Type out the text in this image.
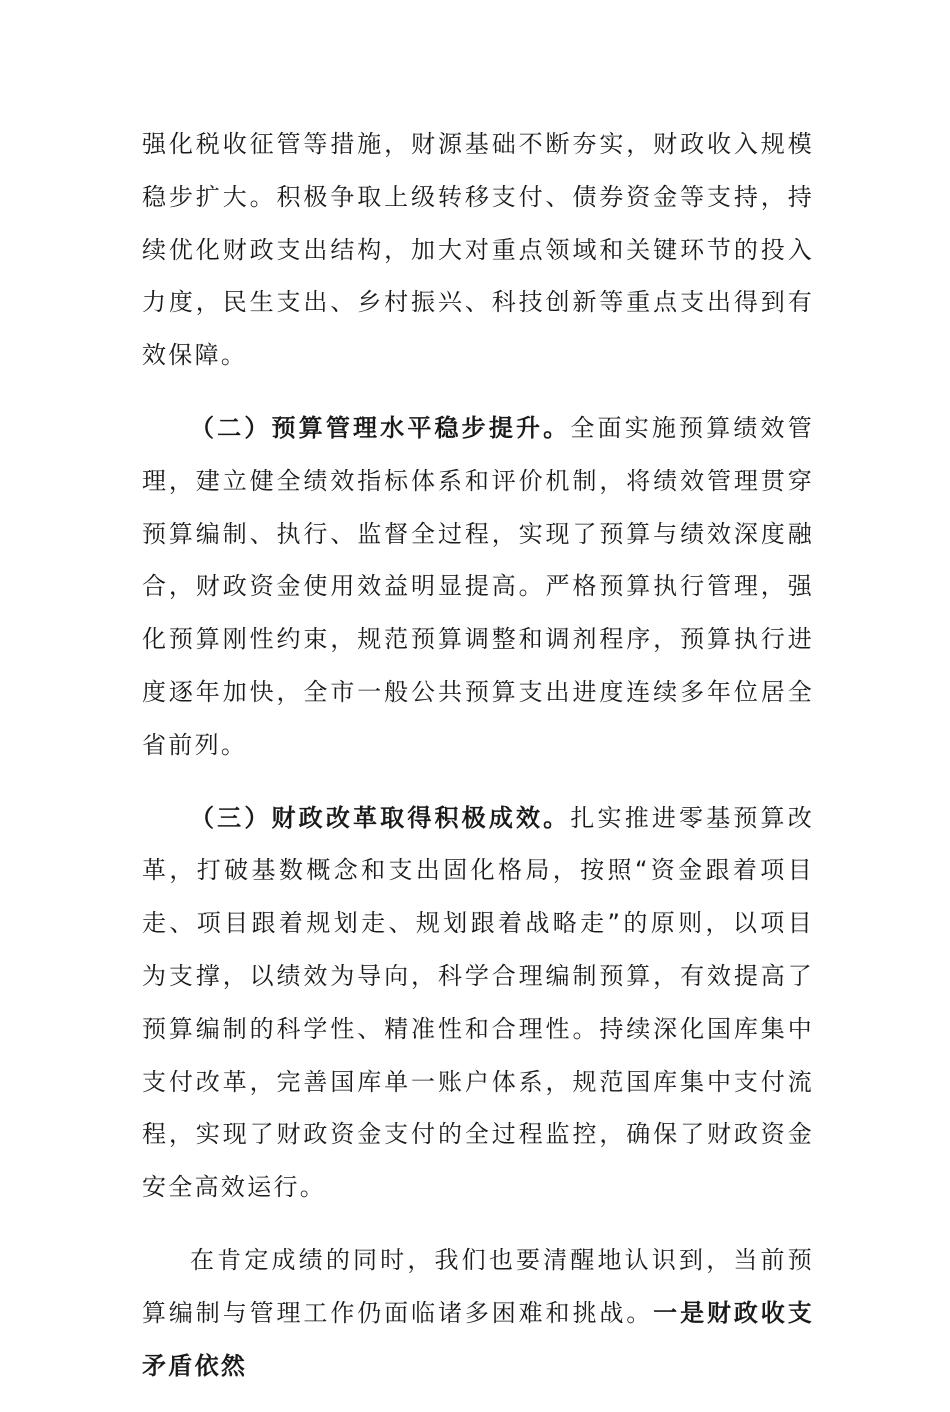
强化税收征管等措施，财源基础不断夯实，财政收入规模稳步扩大。积极争取上级转移支付、债券资金等支持，持续优化财政支出结构，加大对重点领域和关键环节的投入力度，民生支出、乡村振兴、科技创新等重点支出得到有效保障。

（二）预算管理水平稳步提升。全面实施预算绩效管理，建立健全绩效指标体系和评价机制，将绩效管理贯穿预算编制、执行、监督全过程，实现了预算与绩效深度融合，财政资金使用效益明显提高。严格预算执行管理，强化预算刚性约束，规范预算调整和调剂程序，预算执行进度逐年加快，全市一般公共预算支出进度连续多年位居全省前列。

（三）财政改革取得积极成效。扎实推进零基预算改革，打破基数概念和支出固化格局，按照“资金跟着项目走、项目跟着规划走、规划跟着战略走”的原则，以项目为支撑，以绩效为导向，科学合理编制预算，有效提高了预算编制的科学性、精准性和合理性。持续深化国库集中支付改革，完善国库单一账户体系，规范国库集中支付流程，实现了财政资金支付的全过程监控，确保了财政资金安全高效运行。

在肯定成绩的同时，我们也要清醒地认识到，当前预算编制与管理工作仍面临诸多困难和挑战。一是财政收支矛盾依然
